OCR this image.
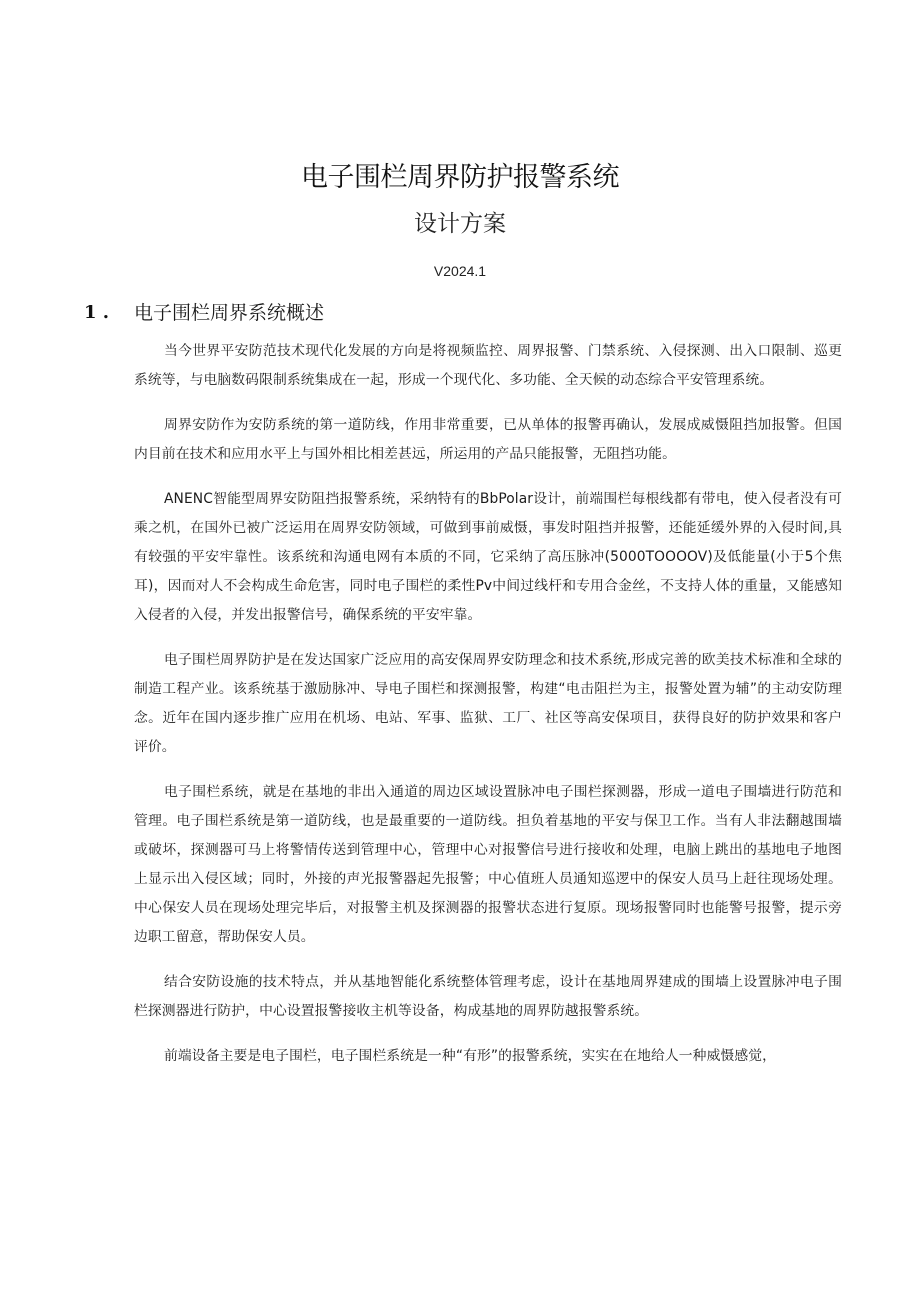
电子围栏周界防护报警系统
设计方案
V2024.1
1 . 电子围栏周界系统概述

当今世界平安防范技术现代化发展的方向是将视频监控、周界报警、门禁系统、入侵探测、出入口限制、巡更系统等，与电脑数码限制系统集成在一起，形成一个现代化、多功能、全天候的动态综合平安管理系统。

周界安防作为安防系统的第一道防线，作用非常重要，已从单体的报警再确认，发展成威慑阻挡加报警。但国内目前在技术和应用水平上与国外相比相差甚远，所运用的产品只能报警，无阻挡功能。

ANENC智能型周界安防阻挡报警系统，采纳特有的BbPolar设计，前端围栏每根线都有带电，使入侵者没有可乘之机，在国外已被广泛运用在周界安防领域，可做到事前威慑，事发时阻挡并报警，还能延缓外界的入侵时间,具有较强的平安牢靠性。该系统和沟通电网有本质的不同，它采纳了高压脉冲(5000TOOOOV)及低能量(小于5个焦耳)，因而对人不会构成生命危害，同时电子围栏的柔性Pv中间过线杆和专用合金丝，不支持人体的重量，又能感知入侵者的入侵，并发出报警信号，确保系统的平安牢靠。

电子围栏周界防护是在发达国家广泛应用的高安保周界安防理念和技术系统,形成完善的欧美技术标准和全球的制造工程产业。该系统基于激励脉冲、导电子围栏和探测报警，构建“电击阻拦为主，报警处置为辅”的主动安防理念。近年在国内逐步推广应用在机场、电站、军事、监狱、工厂、社区等高安保项目，获得良好的防护效果和客户评价。

电子围栏系统，就是在基地的非出入通道的周边区域设置脉冲电子围栏探测器，形成一道电子围墙进行防范和管理。电子围栏系统是第一道防线，也是最重要的一道防线。担负着基地的平安与保卫工作。当有人非法翻越围墙或破坏，探测器可马上将警情传送到管理中心，管理中心对报警信号进行接收和处理，电脑上跳出的基地电子地图上显示出入侵区域；同时，外接的声光报警器起先报警；中心值班人员通知巡逻中的保安人员马上赶往现场处理。中心保安人员在现场处理完毕后，对报警主机及探测器的报警状态进行复原。现场报警同时也能警号报警，提示旁边职工留意，帮助保安人员。

结合安防设施的技术特点，并从基地智能化系统整体管理考虑，设计在基地周界建成的围墙上设置脉冲电子围栏探测器进行防护，中心设置报警接收主机等设备，构成基地的周界防越报警系统。

前端设备主要是电子围栏，电子围栏系统是一种“有形”的报警系统，实实在在地给人一种威慑感觉，
